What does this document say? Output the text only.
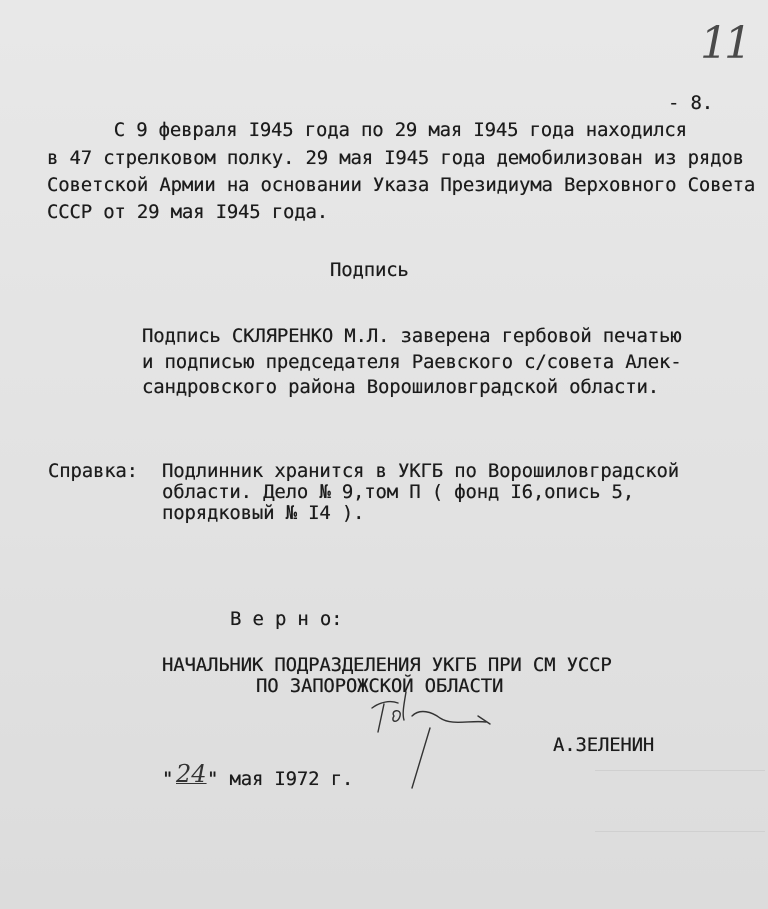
11
- 8.
С 9 февраля I945 года по 29 мая I945 года находился
в 47 стрелковом полку. 29 мая I945 года демобилизован из рядов
Советской Армии на основании Указа Президиума Верховного Совета
СССР от 29 мая I945 года.
Подпись
Подпись СКЛЯРЕНКО М.Л. заверена гербовой печатью
и подписью председателя Раевского с/совета Алек-
сандровского района Ворошиловградской области.
Справка: Подлинник хранится в УКГБ по Ворошиловградской
области. Дело № 9,том П ( фонд I6,опись 5,
порядковый № I4 ).
В е р н о:
НАЧАЛЬНИК ПОДРАЗДЕЛЕНИЯ УКГБ ПРИ СМ УССР
ПО ЗАПОРОЖСКОЙ ОБЛАСТИ
А.ЗЕЛЕНИН
" 24 " мая I972 г.
